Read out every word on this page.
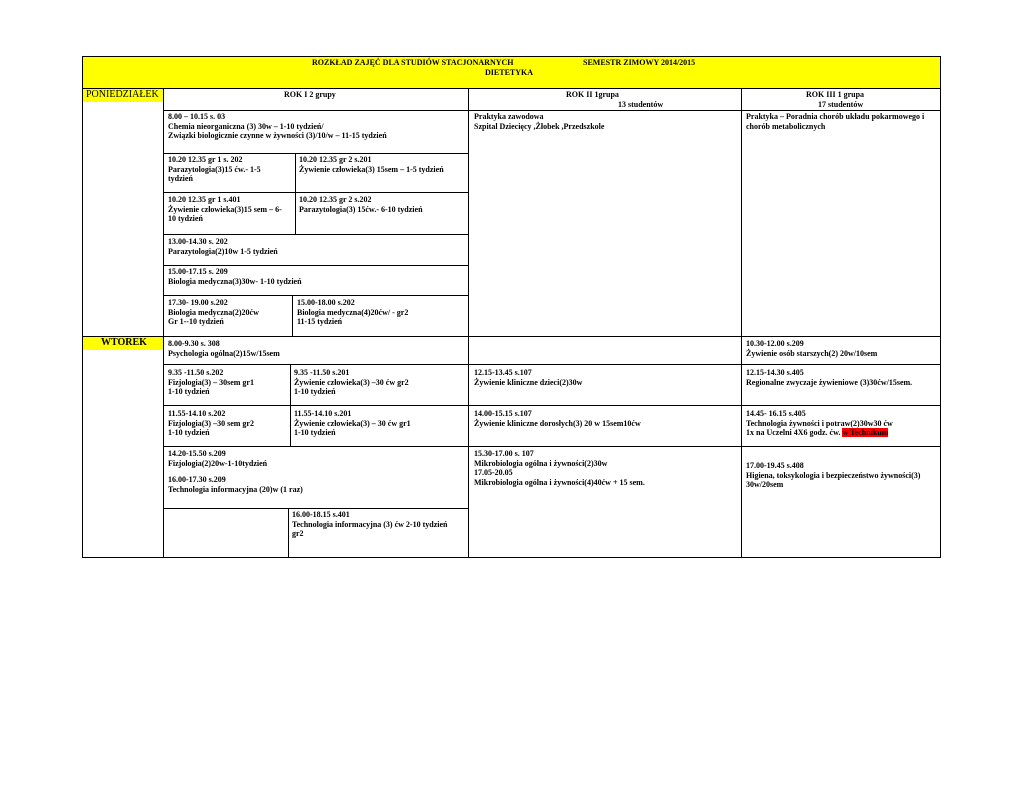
ROZKŁAD ZAJĘĆ DLA STUDIÓW STACJONARNYCH	SEMESTR ZIMOWY 2014/2015
DIETETYKA
PONIEDZIAŁEK
WTOREK
ROK I 2 grupy	ROK II 1grupa
13 studentów
ROK III 1 grupa
17 studentów
8.00 – 10.15 s. 03
Chemia nieorganiczna (3) 30w – 1-10 tydzień/
Związki biologicznie czynne w żywności (3)/10/w – 11-15 tydzień
10.20 12.35 gr 1 s. 202
Parazytologia(3)15 ćw.- 1-5
tydzień
10.20 12.35 gr 2 s.201
Żywienie człowieka(3) 15sem – 1-5 tydzień
10.20 12.35 gr 1 s.401
Żywienie człowieka(3)15 sem – 6-
10 tydzień
10.20 12.35 gr 2 s.202
Parazytologia(3) 15ćw.- 6-10 tydzień
13.00-14.30 s. 202
Parazytologia(2)10w 1-5 tydzień
15.00-17.15 s. 209
Biologia medyczna(3)30w- 1-10 tydzień
17.30- 19.00 s.202
Biologia medyczna(2)20ćw
Gr 1--10 tydzień
15.00-18.00 s.202
Biologia medyczna(4)20ćw/ - gr2
11-15 tydzień
Praktyka zawodowa
Szpital Dziecięcy ,Żłobek ,Przedszkole
Praktyka – Poradnia chorób układu pokarmowego i
chorób metabolicznych
8.00-9.30 s. 308
Psychologia ogólna(2)15w/15sem
9.35 -11.50 s.202
Fizjologia(3) – 30sem gr1
1-10 tydzień
9.35 -11.50 s.201
Żywienie człowieka(3) –30 ćw gr2
1-10 tydzień
11.55-14.10 s.202
Fizjologia(3) –30 sem gr2
1-10 tydzień
11.55-14.10 s.201
Żywienie człowieka(3) – 30 ćw gr1
1-10 tydzień
14.20-15.50 s.209
Fizjologia(2)20w-1-10tydzień
16.00-17.30 s.209
Technologia informacyjna (20)w (1 raz)
16.00-18.15 s.401
Technologia informacyjna (3) ćw 2-10 tydzień
gr2
12.15-13.45 s.107
Żywienie kliniczne dzieci(2)30w
14.00-15.15 s.107
Żywienie kliniczne dorosłych(3) 20 w 15sem10ćw
15.30-17.00 s. 107
Mikrobiologia ogólna i żywności(2)30w
17.05-20.05
Mikrobiologia ogólna i żywności(4)40ćw + 15 sem.
10.30-12.00 s.209
Żywienie osób starszych(2) 20w/10sem
12.15-14.30 s.405
Regionalne zwyczaje żywieniowe (3)30ćw/15sem.
14.45- 16.15 s.405
Technologia żywności i potraw(2)30w30 ćw
1x na Uczelni 4X6 godz. ćw. w Technikum
17.00-19.45 s.408
Higiena, toksykologia i bezpieczeństwo żywności(3)
30w/20sem
